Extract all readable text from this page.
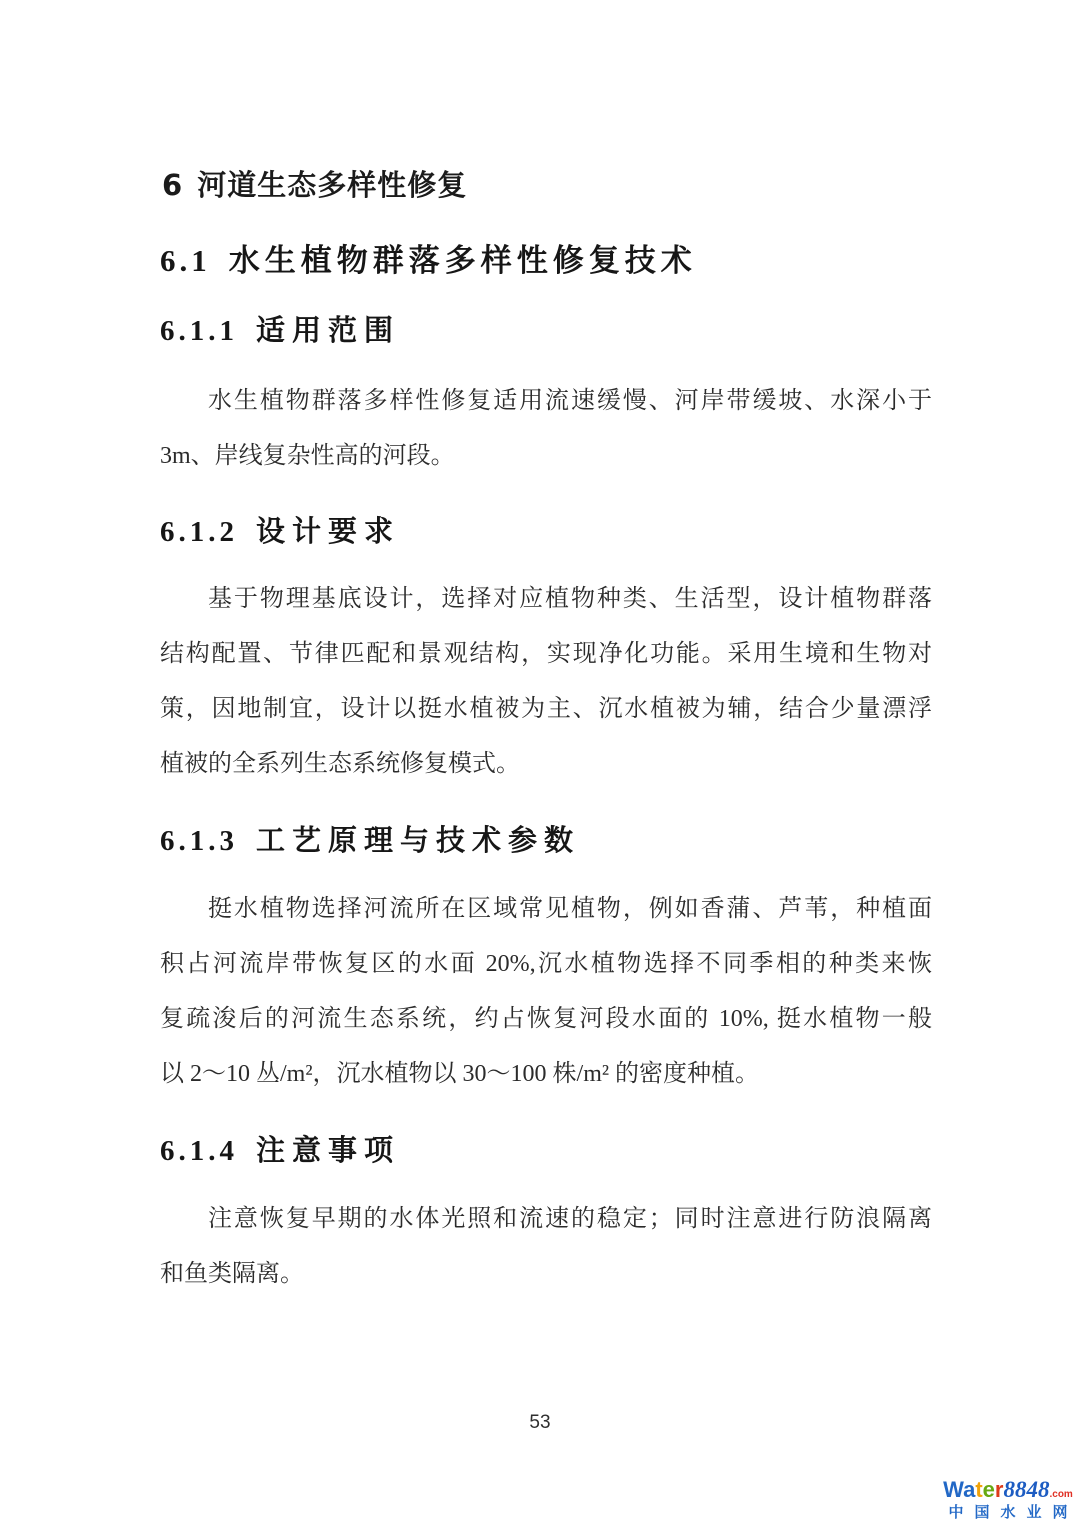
6 河道生态多样性修复
6.1 水生植物群落多样性修复技术
6.1.1 适用范围
水生植物群落多样性修复适用流速缓慢、河岸带缓坡、水深小于
3m、岸线复杂性高的河段。
6.1.2 设计要求
基于物理基底设计，选择对应植物种类、生活型，设计植物群落
结构配置、节律匹配和景观结构，实现净化功能。采用生境和生物对
策，因地制宜，设计以挺水植被为主、沉水植被为辅，结合少量漂浮
植被的全系列生态系统修复模式。
6.1.3 工艺原理与技术参数
挺水植物选择河流所在区域常见植物，例如香蒲、芦苇，种植面
积占河流岸带恢复区的水面 20%,沉水植物选择不同季相的种类来恢
复疏浚后的河流生态系统，约占恢复河段水面的 10%, 挺水植物一般
以 2～10 丛/m²，沉水植物以 30～100 株/m² 的密度种植。
6.1.4 注意事项
注意恢复早期的水体光照和流速的稳定；同时注意进行防浪隔离
和鱼类隔离。
53
Water8848.com
中国水业网
